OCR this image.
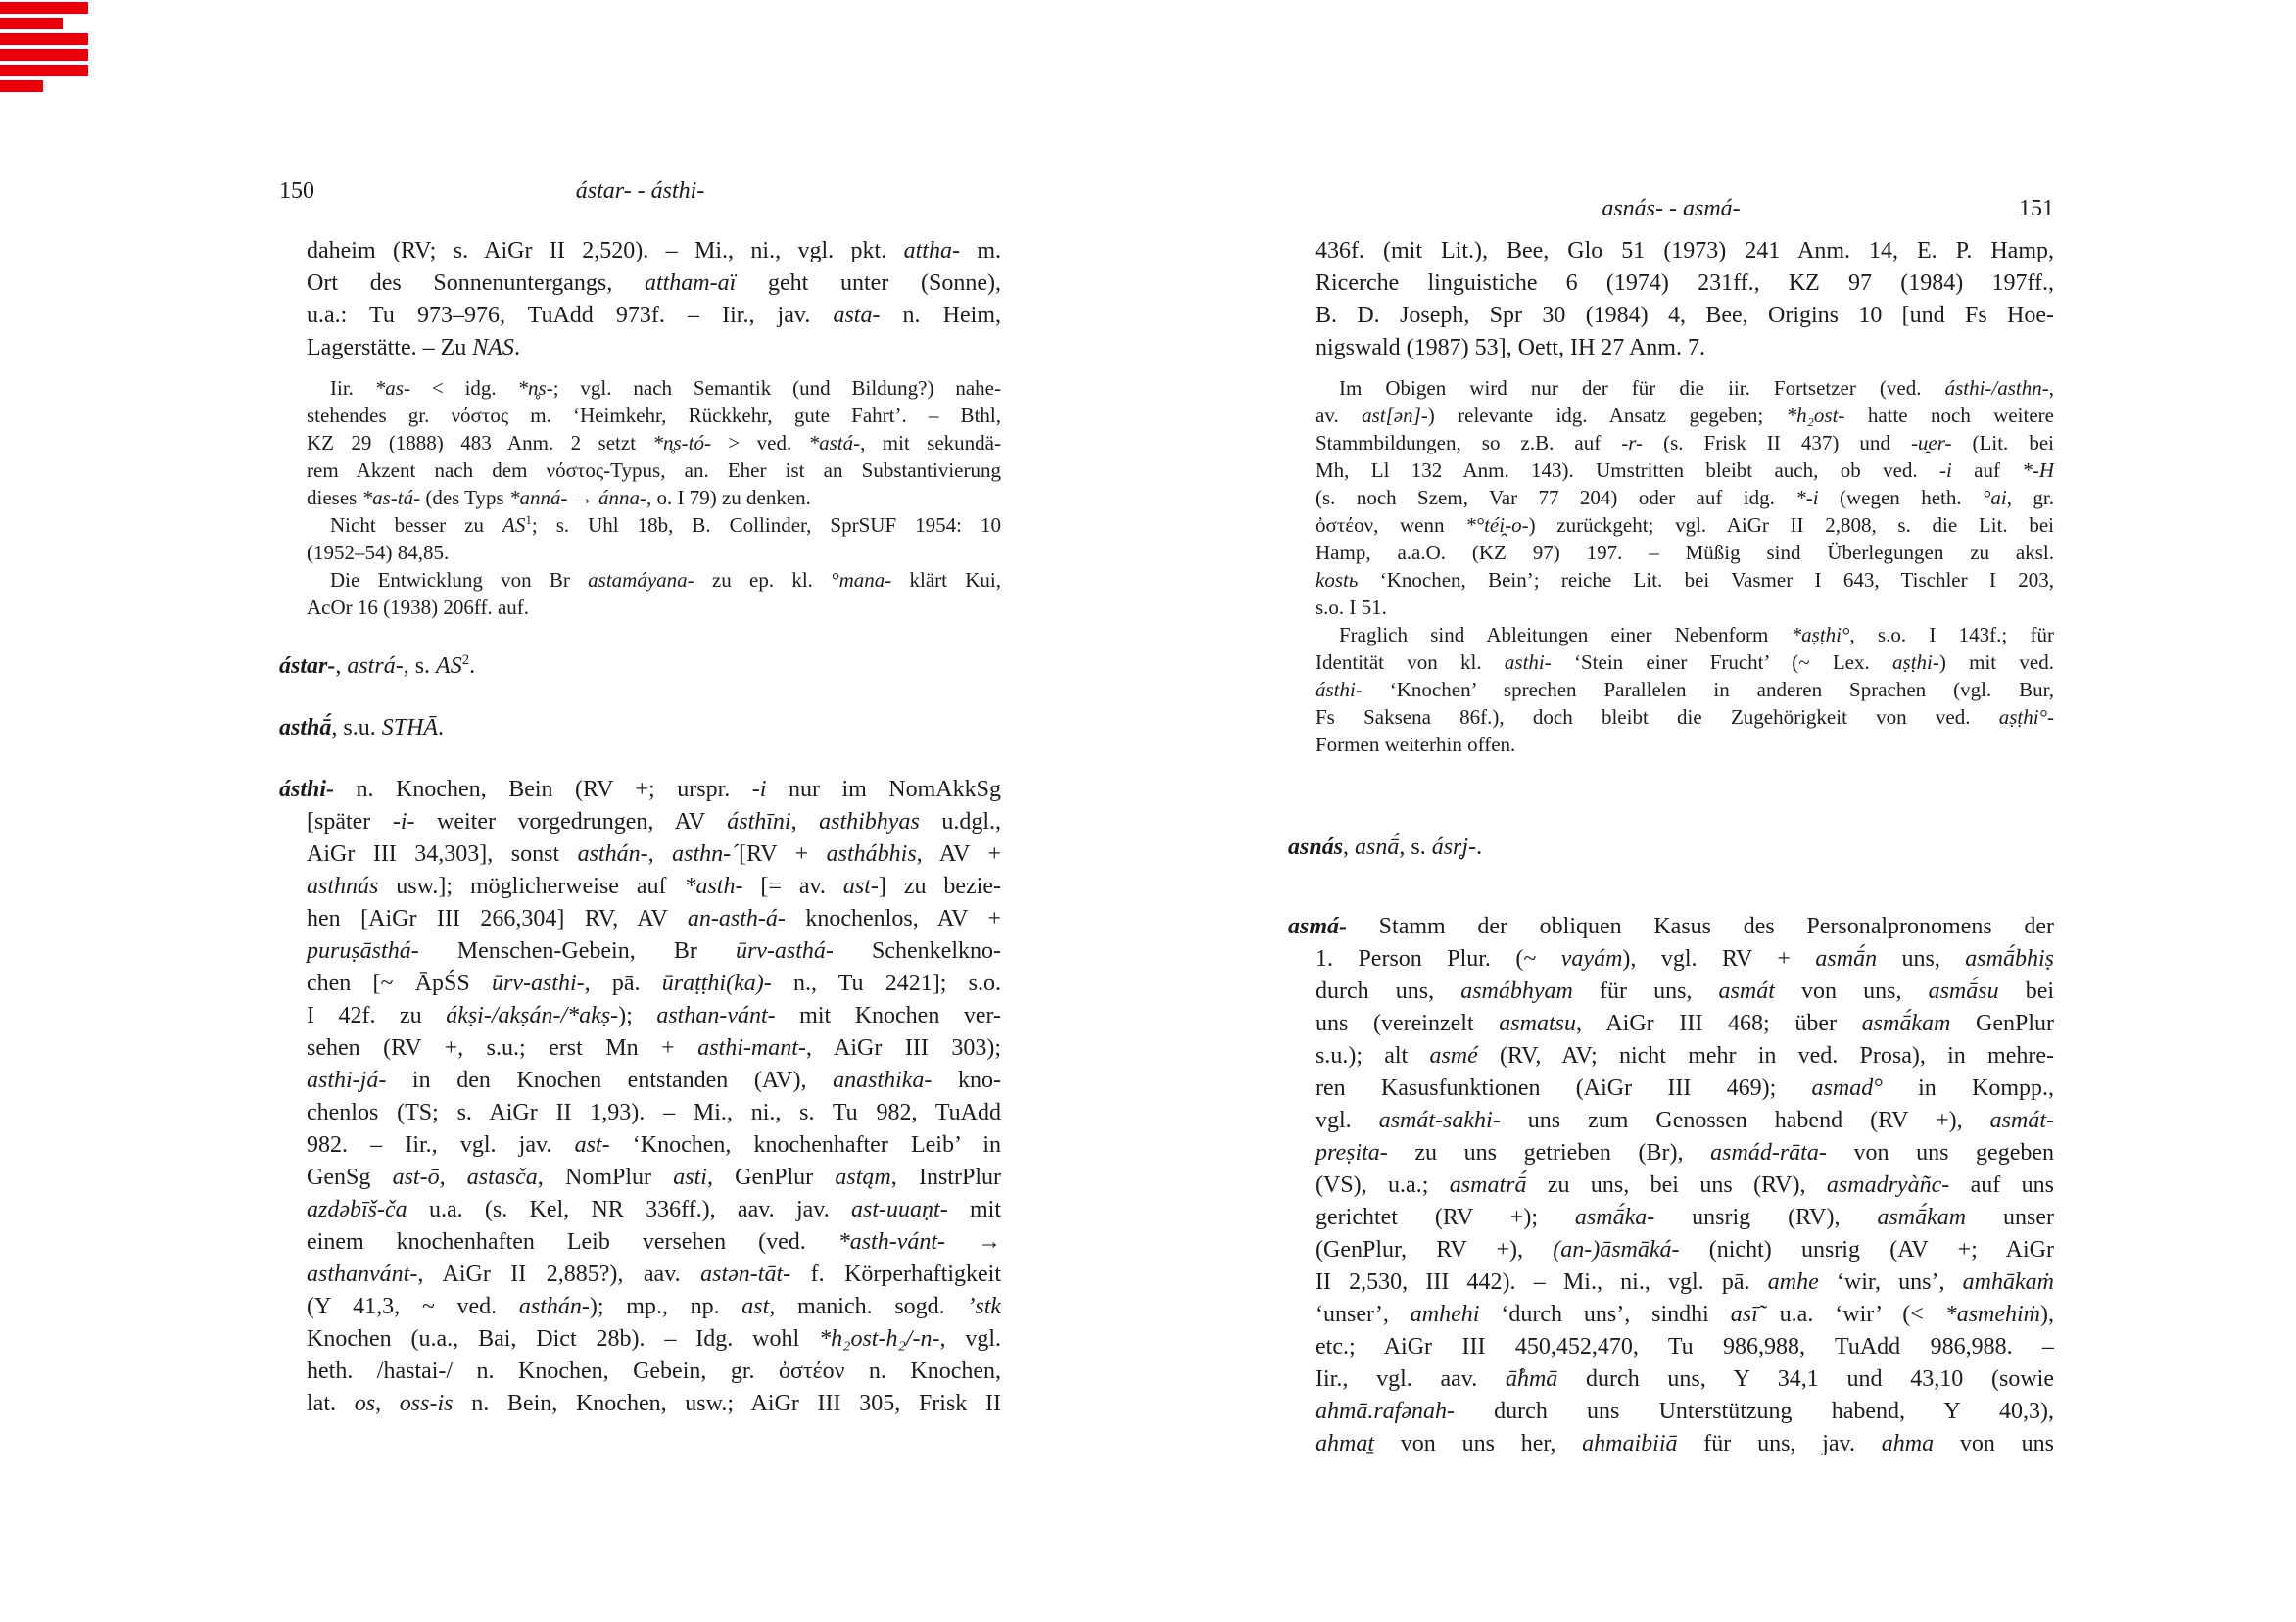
150	ástar- - ásthi-
daheim (RV; s. AiGr II 2,520). – Mi., ni., vgl. pkt. attha- m.
Ort des Sonnenuntergangs, attham-aï geht unter (Sonne),
u.a.: Tu 973–976, TuAdd 973f. – Iir., jav. asta- n. Heim,
Lagerstätte. – Zu NAS.
Iir. *as- < idg. *n̥s-; vgl. nach Semantik (und Bildung?) nahe-
stehendes gr. νόστος m. ‘Heimkehr, Rückkehr, gute Fahrt’. – Bthl,
KZ 29 (1888) 483 Anm. 2 setzt *n̥s-tó- > ved. *astá-, mit sekundä-
rem Akzent nach dem νόστος-Typus, an. Eher ist an Substantivierung
dieses *as-tá- (des Typs *anná- → ánna-, o. I 79) zu denken.
Nicht besser zu $AS^1$; s. Uhl 18b, B. Collinder, SprSUF 1954: 10
(1952–54) 84,85.
Die Entwicklung von Br astamáyana- zu ep. kl. °mana- klärt Kui,
AcOr 16 (1938) 206ff. auf.
ástar-, astrá-, s. $AS^2$.
asthā́, s.u. STHĀ.
ásthi- n. Knochen, Bein (RV +; urspr. -i nur im NomAkkSg
[später -i- weiter vorgedrungen, AV ásthīni, asthibhyas u.dgl.,
AiGr III 34,303], sonst asthán-, asthn-´[RV + asthábhis, AV +
asthnás usw.]; möglicherweise auf *asth- [= av. ast-] zu bezie-
hen [AiGr III 266,304] RV, AV an-asth-á- knochenlos, AV +
puruṣāsthá- Menschen-Gebein, Br ūrv-asthá- Schenkelkno-
chen [~ ĀpŚS ūrv-asthi-, pā. ūraṭṭhi(ka)- n., Tu 2421]; s.o.
I 42f. zu ákṣi-/akṣán-/*akṣ-); asthan-vánt- mit Knochen ver-
sehen (RV +, s.u.; erst Mn + asthi-mant-, AiGr III 303);
asthi-já- in den Knochen entstanden (AV), anasthika- kno-
chenlos (TS; s. AiGr II 1,93). – Mi., ni., s. Tu 982, TuAdd
982. – Iir., vgl. jav. ast- ‘Knochen, knochenhafter Leib’ in
GenSg ast-ō, astasča, NomPlur asti, GenPlur astąm, InstrPlur
azdəbīš-ča u.a. (s. Kel, NR 336ff.), aav. jav. ast-uuaṇt- mit
einem knochenhaften Leib versehen (ved. *asth-vánt- →
asthanvánt-, AiGr II 2,885?), aav. astən-tāt- f. Körperhaftigkeit
(Y 41,3, ~ ved. asthán-); mp., np. ast, manich. sogd. ʼstk
Knochen (u.a., Bai, Dict 28b). – Idg. wohl *h₂ost-h₂/-n-, vgl.
heth. /hastai-/ n. Knochen, Gebein, gr. ὀστέον n. Knochen,
lat. os, oss-is n. Bein, Knochen, usw.; AiGr III 305, Frisk II
asnás- - asmá-	151
436f. (mit Lit.), Bee, Glo 51 (1973) 241 Anm. 14, E. P. Hamp,
Ricerche linguistiche 6 (1974) 231ff., KZ 97 (1984) 197ff.,
B. D. Joseph, Spr 30 (1984) 4, Bee, Origins 10 [und Fs Hoe-
nigswald (1987) 53], Oett, IH 27 Anm. 7.
Im Obigen wird nur der für die iir. Fortsetzer (ved. ásthi-/asthn-,
av. ast[ən]-) relevante idg. Ansatz gegeben; *h₂ost- hatte noch weitere
Stammbildungen, so z.B. auf -r- (s. Frisk II 437) und -u̯er- (Lit. bei
Mh, Ll 132 Anm. 143). Umstritten bleibt auch, ob ved. -i auf *-H
(s. noch Szem, Var 77 204) oder auf idg. *-i (wegen heth. °ai, gr.
ὀστέον, wenn *°téi̯-o-) zurückgeht; vgl. AiGr II 2,808, s. die Lit. bei
Hamp, a.a.O. (KZ 97) 197. – Müßig sind Überlegungen zu aksl.
kostь ‘Knochen, Bein’; reiche Lit. bei Vasmer I 643, Tischler I 203,
s.o. I 51.
Fraglich sind Ableitungen einer Nebenform *aṣṭhi°, s.o. I 143f.; für
Identität von kl. asthi- ‘Stein einer Frucht’ (~ Lex. aṣṭhi-) mit ved.
ásthi- ‘Knochen’ sprechen Parallelen in anderen Sprachen (vgl. Bur,
Fs Saksena 86f.), doch bleibt die Zugehörigkeit von ved. aṣṭhi°-
Formen weiterhin offen.
asnás, asnā́, s. ásr̥j-.
asmá- Stamm der obliquen Kasus des Personalpronomens der
1. Person Plur. (~ vayám), vgl. RV + asmā́n uns, asmā́bhiṣ
durch uns, asmábhyam für uns, asmát von uns, asmā́su bei
uns (vereinzelt asmatsu, AiGr III 468; über asmā́kam GenPlur
s.u.); alt asmé (RV, AV; nicht mehr in ved. Prosa), in mehre-
ren Kasusfunktionen (AiGr III 469); asmad° in Kompp.,
vgl. asmát-sakhi- uns zum Genossen habend (RV +), asmát-
preṣita- zu uns getrieben (Br), asmád-rāta- von uns gegeben
(VS), u.a.; asmatrā́ zu uns, bei uns (RV), asmadryàñc- auf uns
gerichtet (RV +); asmā́ka- unsrig (RV), asmā́kam unser
(GenPlur, RV +), (an-)āsmāká- (nicht) unsrig (AV +; AiGr
II 2,530, III 442). – Mi., ni., vgl. pā. amhe ‘wir, uns’, amhākaṁ
‘unser’, amhehi ‘durch uns’, sindhi asī̃ u.a. ‘wir’ (< *asmehiṁ),
etc.; AiGr III 450,452,470, Tu 986,988, TuAdd 986,988. –
Iir., vgl. aav. ā̊hmā durch uns, Y 34,1 und 43,10 (sowie
ahmā.rafənah- durch uns Unterstützung habend, Y 40,3),
ahmaṯ von uns her, ahmaibiiā für uns, jav. ahma von uns
